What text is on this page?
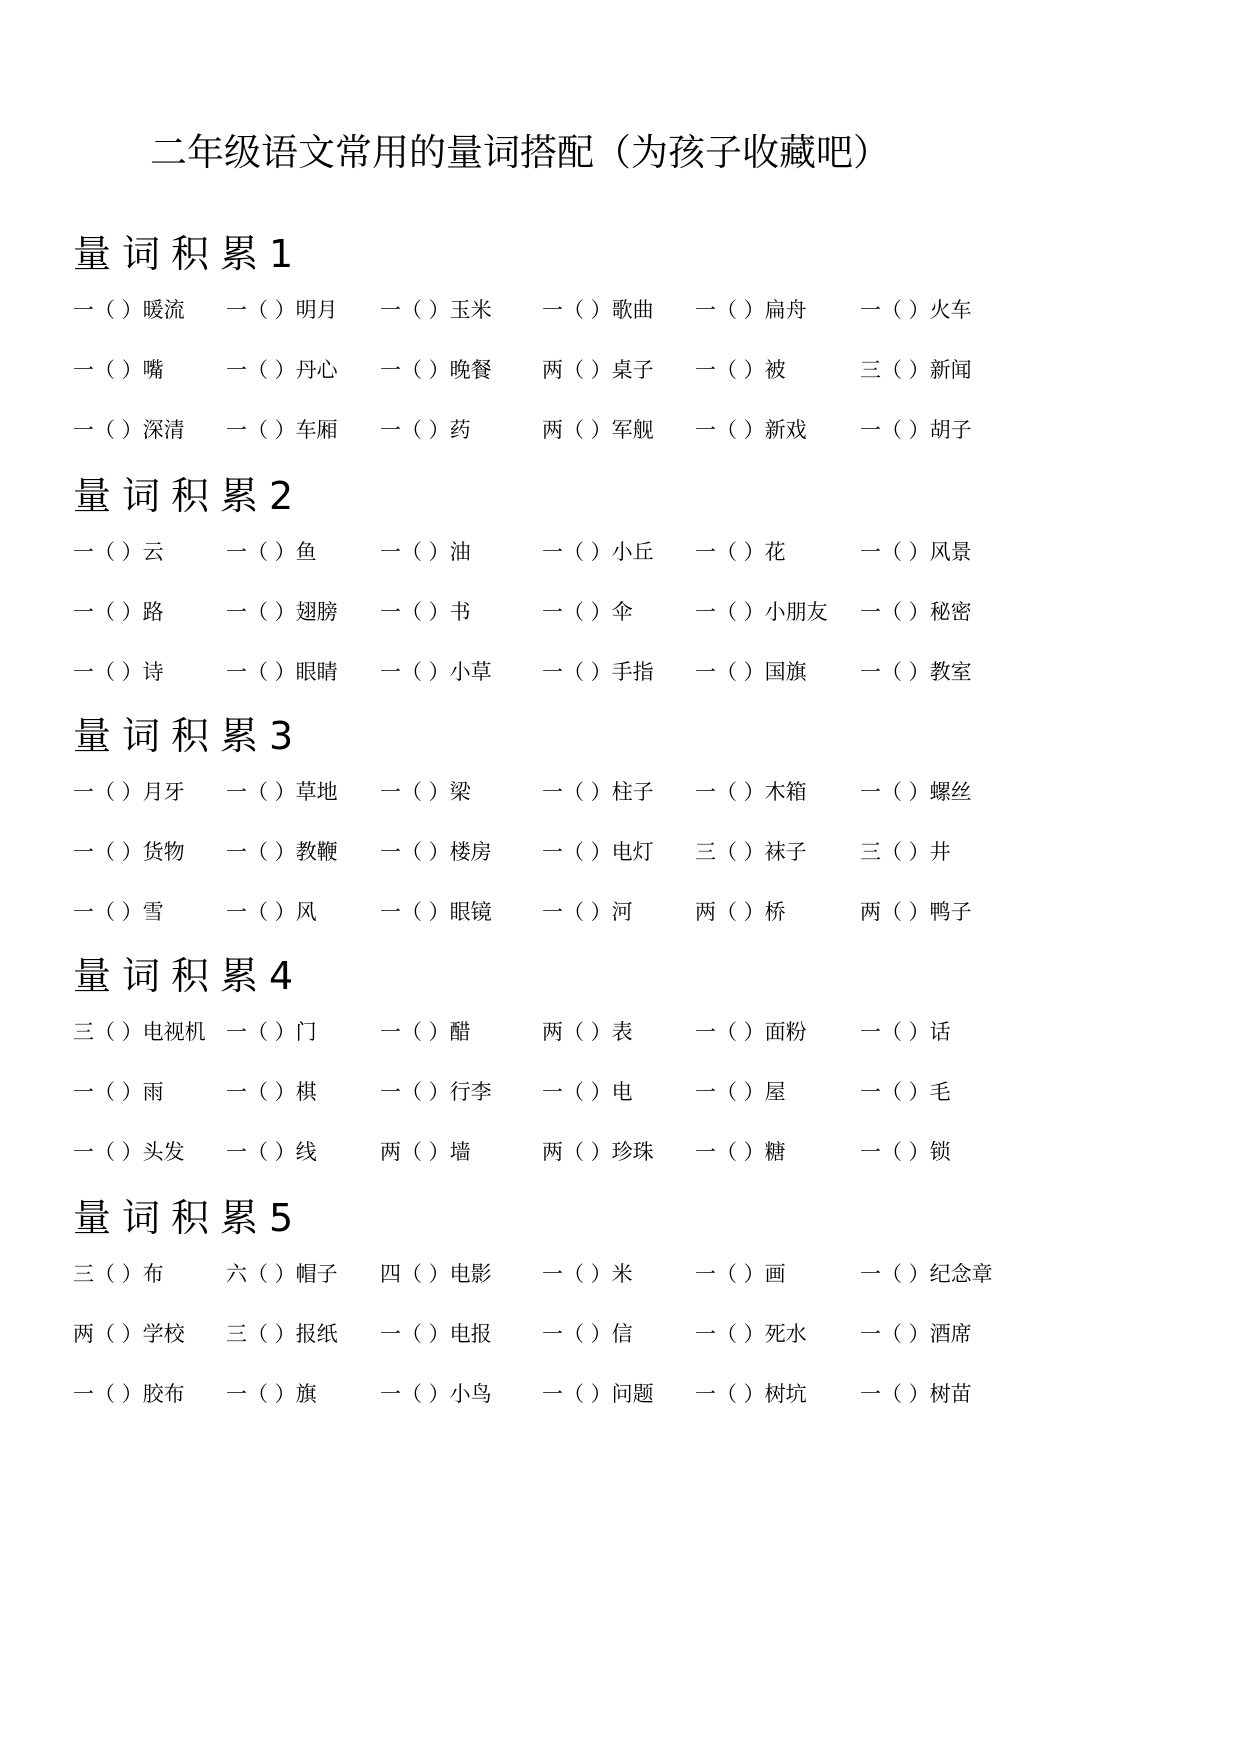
二年级语文常用的量词搭配（为孩子收藏吧）
量词积累1
一（ ）暖流 一（ ）明月 一（ ）玉米 一（ ）歌曲 一（ ）扁舟	一（ ）火车
一（ ）嘴	一（ ）丹心 一（ ）晚餐 两（ ）桌子 一（ ）被	三（ ）新闻
一（ ）深清 一（ ）车厢 一（ ）药	两（ ）军舰 一（ ）新戏	一（ ）胡子
量词积累2
一（ ）云	一（ ）鱼	一（ ）油	一（ ）小丘 一（ ）花	一（ ）风景
一（ ）路	一（ ）翅膀 一（ ）书	一（ ）伞	一（ ）小朋友 一（ ）秘密
一（ ）诗	一（ ）眼睛 一（ ）小草 一（ ）手指 一（ ）国旗	一（ ）教室
量词积累3
一（ ）月牙 一（ ）草地 一（ ）梁	一（ ）柱子 一（ ）木箱	一（ ）螺丝
一（ ）货物 一（ ）教鞭 一（ ）楼房 一（ ）电灯 三（ ）袜子	三（ ）井
一（ ）雪	一（ ）风	一（ ）眼镜 一（ ）河	两（ ）桥	两（ ）鸭子
量词积累4
三（ ）电视机 一（ ）门	一（ ）醋	两（ ）表	一（ ）面粉	一（ ）话
一（ ）雨	一（ ）棋	一（ ）行李 一（ ）电	一（ ）屋	一（ ）毛
一（ ）头发 一（ ）线	两（ ）墙	两（ ）珍珠 一（ ）糖	一（ ）锁
量词积累5
三（ ）布	六（ ）帽子 四（ ）电影 一（ ）米	一（ ）画	一（ ）纪念章
两（ ）学校 三（ ）报纸 一（ ）电报 一（ ）信	一（ ）死水	一（ ）酒席
一（ ）胶布 一（ ）旗	一（ ）小鸟 一（ ）问题 一（ ）树坑	一（ ）树苗
